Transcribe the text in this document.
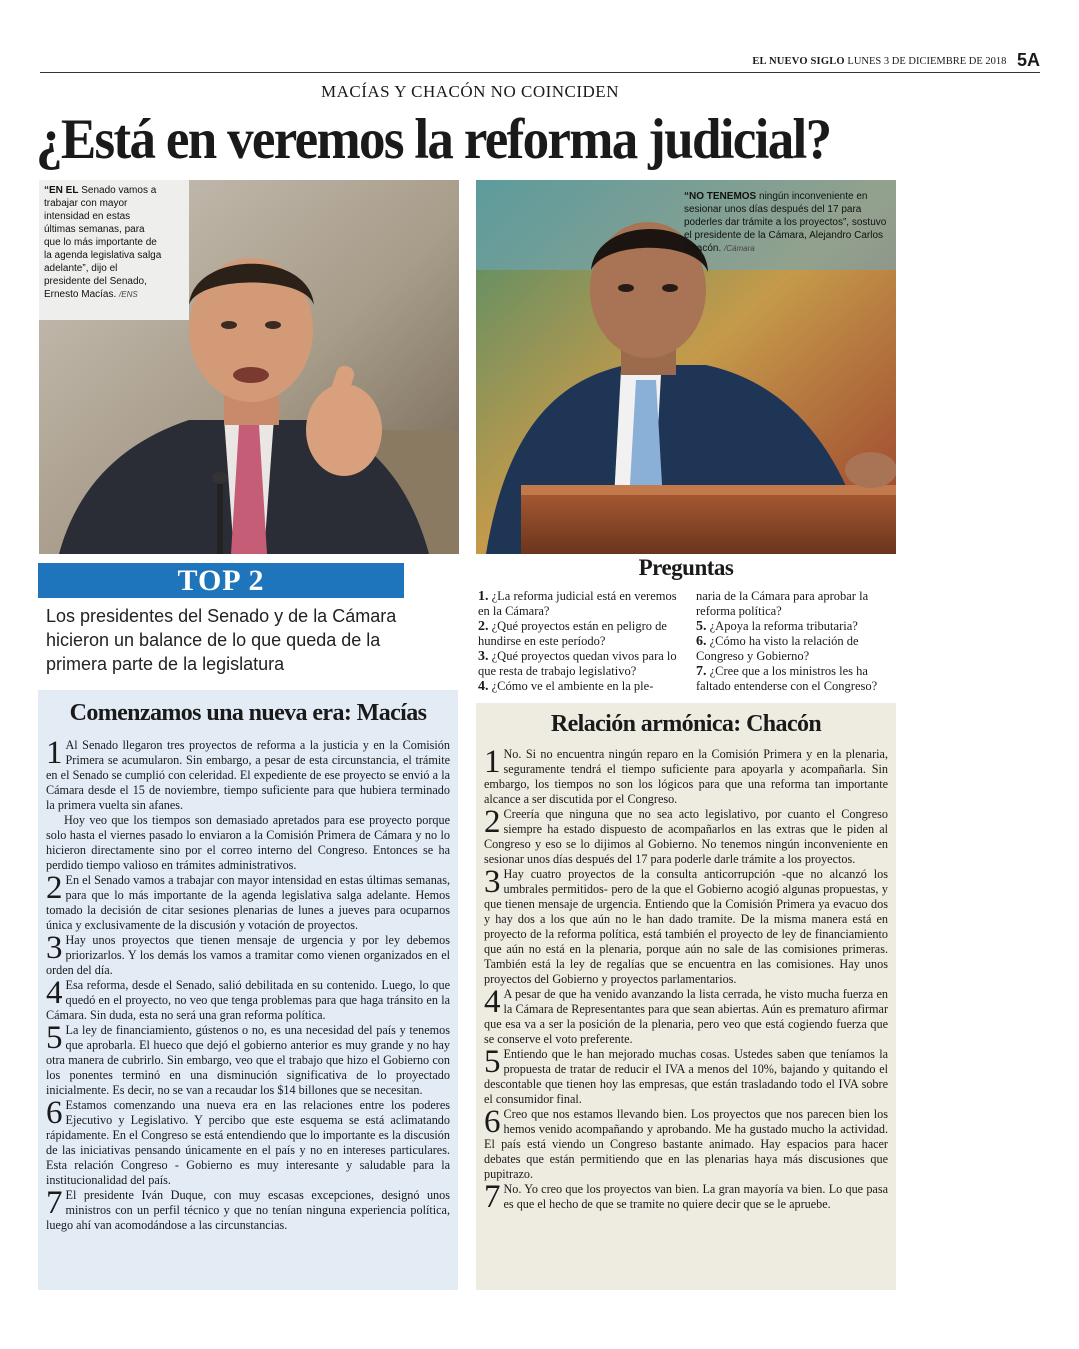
EL NUEVO SIGLO LUNES 3 DE DICIEMBRE DE 2018 5A
MACÍAS Y CHACÓN NO COINCIDEN
¿Está en veremos la reforma judicial?
“EN EL Senado vamos a trabajar con mayor intensidad en estas últimas semanas, para que lo más importante de la agenda legislativa salga adelante”, dijo el presidente del Senado, Ernesto Macías. /ENS
“NO TENEMOS ningún inconveniente en sesionar unos días después del 17 para poderles dar trámite a los proyectos”, sostuvo el presidente de la Cámara, Alejandro Carlos Chacón. /Cámara
TOP 2
Los presidentes del Senado y de la Cámara hicieron un balance de lo que queda de la primera parte de la legislatura
Preguntas
1. ¿La reforma judicial está en veremos en la Cámara?
2. ¿Qué proyectos están en peligro de hundirse en este período?
3. ¿Qué proyectos quedan vivos para lo que resta de trabajo legislativo?
4. ¿Cómo ve el ambiente en la ple-
naria de la Cámara para aprobar la reforma política?
5. ¿Apoya la reforma tributaria?
6. ¿Cómo ha visto la relación de Congreso y Gobierno?
7. ¿Cree que a los ministros les ha faltado entenderse con el Congreso?
Comenzamos una nueva era: Macías

1 Al Senado llegaron tres proyectos de reforma a la justicia y en la Comisión Primera se acumularon. Sin embargo, a pesar de esta circunstancia, el trámite en el Senado se cumplió con celeridad. El expediente de ese proyecto se envió a la Cámara desde el 15 de noviembre, tiempo suficiente para que hubiera terminado la primera vuelta sin afanes.

Hoy veo que los tiempos son demasiado apretados para ese proyecto porque solo hasta el viernes pasado lo enviaron a la Comisión Primera de Cámara y no lo hicieron directamente sino por el correo interno del Congreso. Entonces se ha perdido tiempo valioso en trámites administrativos.

2 En el Senado vamos a trabajar con mayor intensidad en estas últimas semanas, para que lo más importante de la agenda legislativa salga adelante. Hemos tomado la decisión de citar sesiones plenarias de lunes a jueves para ocuparnos única y exclusivamente de la discusión y votación de proyectos.

3 Hay unos proyectos que tienen mensaje de urgencia y por ley debemos priorizarlos. Y los demás los vamos a tramitar como vienen organizados en el orden del día.

4 Esa reforma, desde el Senado, salió debilitada en su contenido. Luego, lo que quedó en el proyecto, no veo que tenga problemas para que haga tránsito en la Cámara. Sin duda, esta no será una gran reforma política.

5 La ley de financiamiento, gústenos o no, es una necesidad del país y tenemos que aprobarla. El hueco que dejó el gobierno anterior es muy grande y no hay otra manera de cubrirlo. Sin embargo, veo que el trabajo que hizo el Gobierno con los ponentes terminó en una disminución significativa de lo proyectado inicialmente. Es decir, no se van a recaudar los $14 billones que se necesitan.

6 Estamos comenzando una nueva era en las relaciones entre los poderes Ejecutivo y Legislativo. Y percibo que este esquema se está aclimatando rápidamente. En el Congreso se está entendiendo que lo importante es la discusión de las iniciativas pensando únicamente en el país y no en intereses particulares. Esta relación Congreso - Gobierno es muy interesante y saludable para la institucionalidad del país.

7 El presidente Iván Duque, con muy escasas excepciones, designó unos ministros con un perfil técnico y que no tenían ninguna experiencia política, luego ahí van acomodándose a las circunstancias.

Relación armónica: Chacón

1 No. Si no encuentra ningún reparo en la Comisión Primera y en la plenaria, seguramente tendrá el tiempo suficiente para apoyarla y acompañarla. Sin embargo, los tiempos no son los lógicos para que una reforma tan importante alcance a ser discutida por el Congreso.

2 Creería que ninguna que no sea acto legislativo, por cuanto el Congreso siempre ha estado dispuesto de acompañarlos en las extras que le piden al Congreso y eso se lo dijimos al Gobierno. No tenemos ningún inconveniente en sesionar unos días después del 17 para poderle darle trámite a los proyectos.

3 Hay cuatro proyectos de la consulta anticorrupción -que no alcanzó los umbrales permitidos- pero de la que el Gobierno acogió algunas propuestas, y que tienen mensaje de urgencia. Entiendo que la Comisión Primera ya evacuo dos y hay dos a los que aún no le han dado tramite. De la misma manera está en proyecto de la reforma política, está también el proyecto de ley de financiamiento que aún no está en la plenaria, porque aún no sale de las comisiones primeras. También está la ley de regalías que se encuentra en las comisiones. Hay unos proyectos del Gobierno y proyectos parlamentarios.

4 A pesar de que ha venido avanzando la lista cerrada, he visto mucha fuerza en la Cámara de Representantes para que sean abiertas. Aún es prematuro afirmar que esa va a ser la posición de la plenaria, pero veo que está cogiendo fuerza que se conserve el voto preferente.

5 Entiendo que le han mejorado muchas cosas. Ustedes saben que teníamos la propuesta de tratar de reducir el IVA a menos del 10%, bajando y quitando el descontable que tienen hoy las empresas, que están trasladando todo el IVA sobre el consumidor final.

6 Creo que nos estamos llevando bien. Los proyectos que nos parecen bien los hemos venido acompañando y aprobando. Me ha gustado mucho la actividad. El país está viendo un Congreso bastante animado. Hay espacios para hacer debates que están permitiendo que en las plenarias haya más discusiones que pupitrazo.

7 No. Yo creo que los proyectos van bien. La gran mayoría va bien. Lo que pasa es que el hecho de que se tramite no quiere decir que se le apruebe.
